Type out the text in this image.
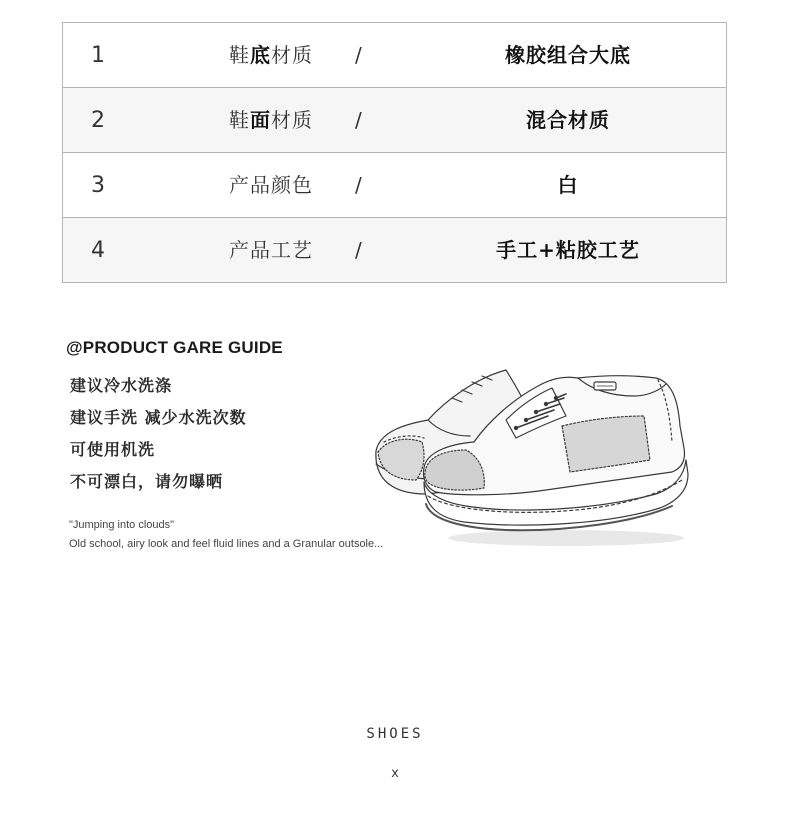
1	鞋底材质 /	橡胶组合大底
2	鞋面材质 /	混合材质
3	产品颜色 /	白
4	产品工艺 /	手工+粘胶工艺
@PRODUCT GARE GUIDE
建议冷水洗涤
建议手洗 减少水洗次数
可使用机洗
不可漂白，请勿曝晒
"Jumping into clouds"
Old school, airy look and feel fluid lines and a Granular outsole...
SHOES
x
